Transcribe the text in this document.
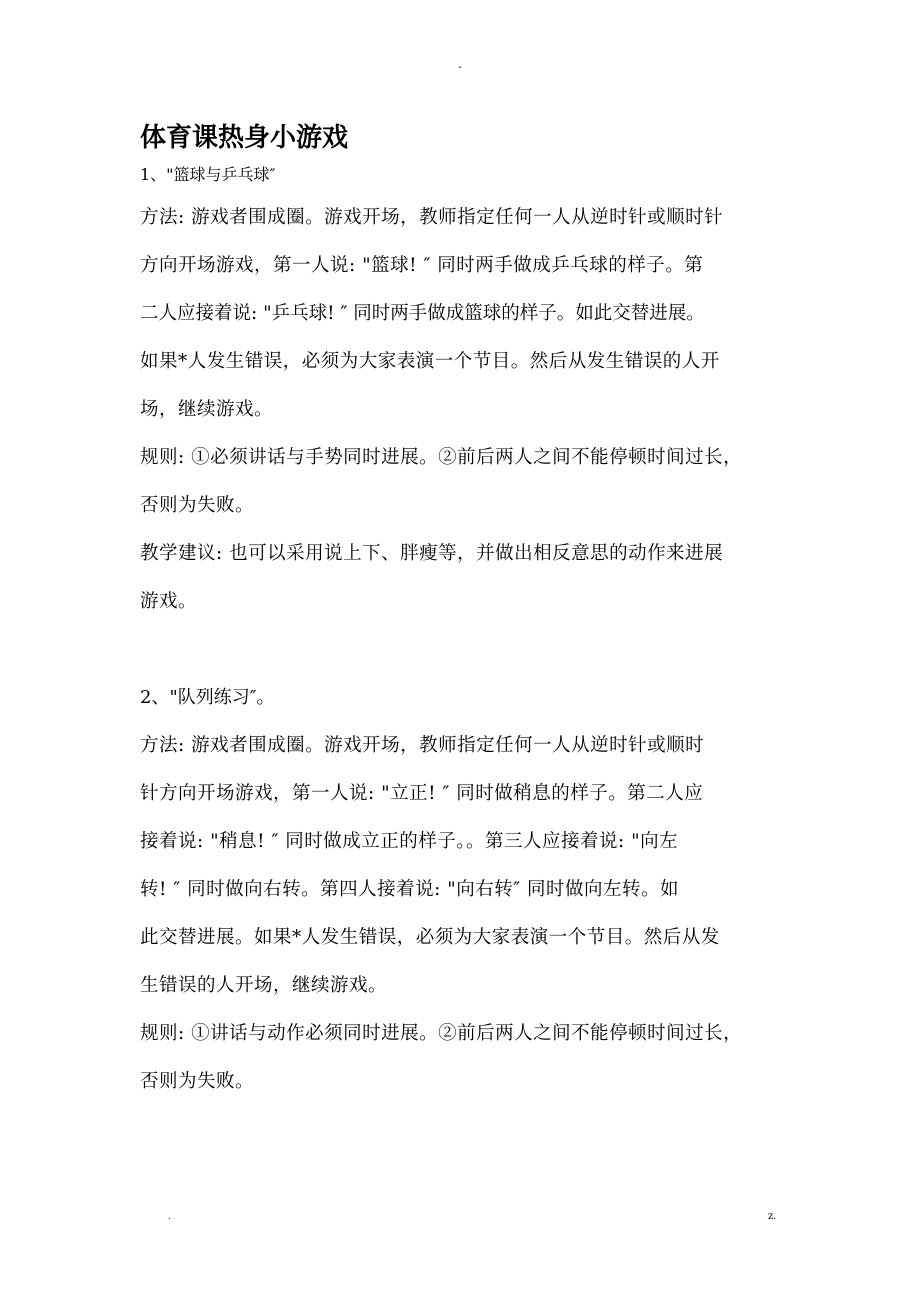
-
体育课热身小游戏

1、"篮球与乒乓球″

方法: 游戏者围成圈。游戏开场，教师指定任何一人从逆时针或顺时针

方向开场游戏，第一人说: "篮球! ″ 同时两手做成乒乓球的样子。第

二人应接着说: "乒乓球! ″ 同时两手做成篮球的样子。如此交替进展。

如果*人发生错误，必须为大家表演一个节目。然后从发生错误的人开

场，继续游戏。

规则: ①必须讲话与手势同时进展。②前后两人之间不能停顿时间过长，

否则为失败。

教学建议: 也可以采用说上下、胖瘦等，并做出相反意思的动作来进展

游戏。

2、"队列练习″。

方法: 游戏者围成圈。游戏开场，教师指定任何一人从逆时针或顺时

针方向开场游戏，第一人说: "立正! ″ 同时做稍息的样子。第二人应

接着说: "稍息! ″ 同时做成立正的样子。。第三人应接着说: "向左

转! ″ 同时做向右转。第四人接着说: "向右转″ 同时做向左转。如

此交替进展。如果*人发生错误，必须为大家表演一个节目。然后从发

生错误的人开场，继续游戏。

规则: ①讲话与动作必须同时进展。②前后两人之间不能停顿时间过长，

否则为失败。

.	z.
